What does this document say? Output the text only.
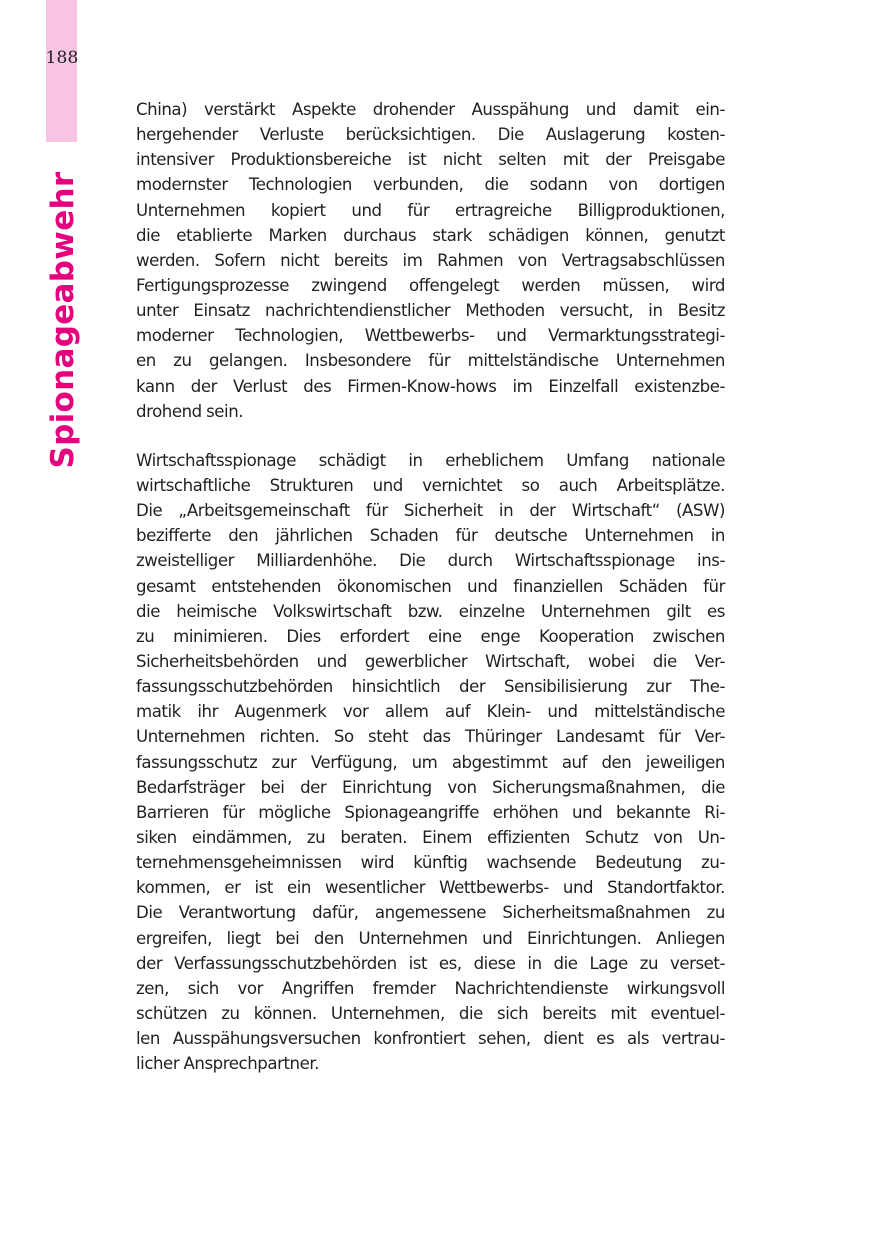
188
Spionageabwehr
China) verstärkt Aspekte drohender Ausspähung und damit ein-
hergehender Verluste berücksichtigen. Die Auslagerung kosten-
intensiver Produktionsbereiche ist nicht selten mit der Preisgabe
modernster Technologien verbunden, die sodann von dortigen
Unternehmen kopiert und für ertragreiche Billigproduktionen,
die etablierte Marken durchaus stark schädigen können, genutzt
werden. Sofern nicht bereits im Rahmen von Vertragsabschlüssen
Fertigungsprozesse zwingend offengelegt werden müssen, wird
unter Einsatz nachrichtendienstlicher Methoden versucht, in Besitz
moderner Technologien, Wettbewerbs- und Vermarktungsstrategi-
en zu gelangen. Insbesondere für mittelständische Unternehmen
kann der Verlust des Firmen-Know-hows im Einzelfall existenzbe-
drohend sein.
Wirtschaftsspionage schädigt in erheblichem Umfang nationale
wirtschaftliche Strukturen und vernichtet so auch Arbeitsplätze.
Die „Arbeitsgemeinschaft für Sicherheit in der Wirtschaft“ (ASW)
bezifferte den jährlichen Schaden für deutsche Unternehmen in
zweistelliger Milliardenhöhe. Die durch Wirtschaftsspionage ins-
gesamt entstehenden ökonomischen und finanziellen Schäden für
die heimische Volkswirtschaft bzw. einzelne Unternehmen gilt es
zu minimieren. Dies erfordert eine enge Kooperation zwischen
Sicherheitsbehörden und gewerblicher Wirtschaft, wobei die Ver-
fassungsschutzbehörden hinsichtlich der Sensibilisierung zur The-
matik ihr Augenmerk vor allem auf Klein- und mittelständische
Unternehmen richten. So steht das Thüringer Landesamt für Ver-
fassungsschutz zur Verfügung, um abgestimmt auf den jeweiligen
Bedarfsträger bei der Einrichtung von Sicherungsmaßnahmen, die
Barrieren für mögliche Spionageangriffe erhöhen und bekannte Ri-
siken eindämmen, zu beraten. Einem effizienten Schutz von Un-
ternehmensgeheimnissen wird künftig wachsende Bedeutung zu-
kommen, er ist ein wesentlicher Wettbewerbs- und Standortfaktor.
Die Verantwortung dafür, angemessene Sicherheitsmaßnahmen zu
ergreifen, liegt bei den Unternehmen und Einrichtungen. Anliegen
der Verfassungsschutzbehörden ist es, diese in die Lage zu verset-
zen, sich vor Angriffen fremder Nachrichtendienste wirkungsvoll
schützen zu können. Unternehmen, die sich bereits mit eventuel-
len Ausspähungsversuchen konfrontiert sehen, dient es als vertrau-
licher Ansprechpartner.
